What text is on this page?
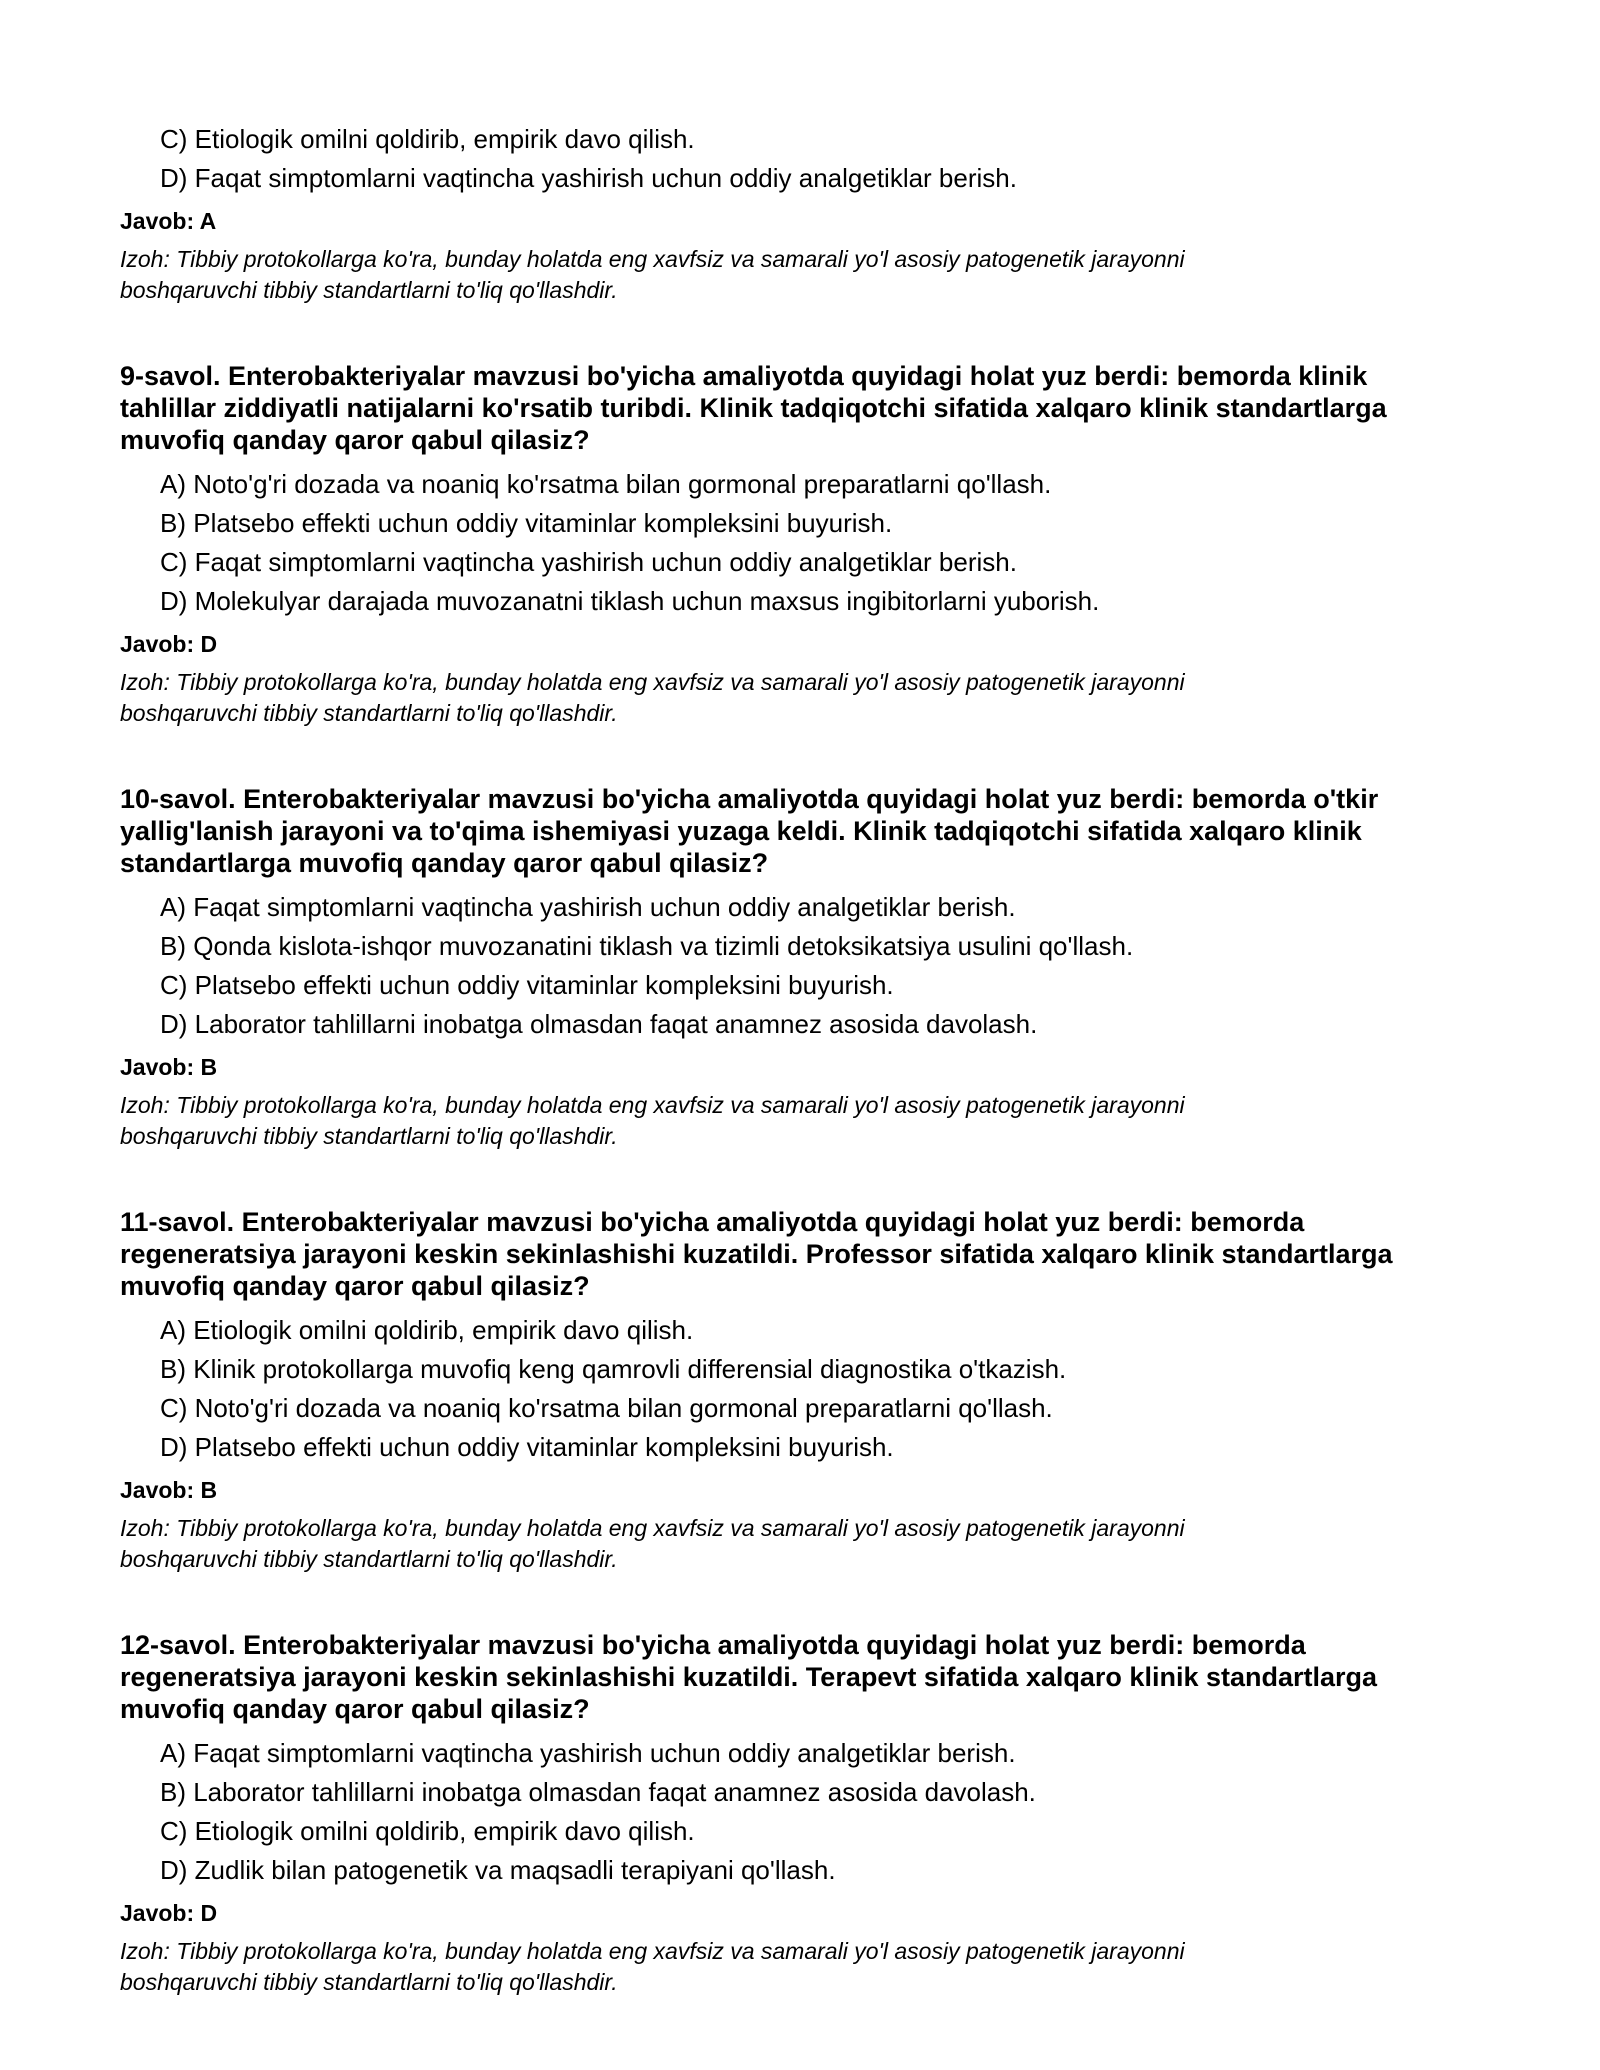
C) Etiologik omilni qoldirib, empirik davo qilish.
D) Faqat simptomlarni vaqtincha yashirish uchun oddiy analgetiklar berish.
Javob: A
Izoh: Tibbiy protokollarga ko'ra, bunday holatda eng xavfsiz va samarali yo'l asosiy patogenetik jarayonni
boshqaruvchi tibbiy standartlarni to'liq qo'llashdir.
9-savol. Enterobakteriyalar mavzusi bo'yicha amaliyotda quyidagi holat yuz berdi: bemorda klinik
tahlillar ziddiyatli natijalarni ko'rsatib turibdi. Klinik tadqiqotchi sifatida xalqaro klinik standartlarga
muvofiq qanday qaror qabul qilasiz?
A) Noto'g'ri dozada va noaniq ko'rsatma bilan gormonal preparatlarni qo'llash.
B) Platsebo effekti uchun oddiy vitaminlar kompleksini buyurish.
C) Faqat simptomlarni vaqtincha yashirish uchun oddiy analgetiklar berish.
D) Molekulyar darajada muvozanatni tiklash uchun maxsus ingibitorlarni yuborish.
Javob: D
Izoh: Tibbiy protokollarga ko'ra, bunday holatda eng xavfsiz va samarali yo'l asosiy patogenetik jarayonni
boshqaruvchi tibbiy standartlarni to'liq qo'llashdir.
10-savol. Enterobakteriyalar mavzusi bo'yicha amaliyotda quyidagi holat yuz berdi: bemorda o'tkir
yallig'lanish jarayoni va to'qima ishemiyasi yuzaga keldi. Klinik tadqiqotchi sifatida xalqaro klinik
standartlarga muvofiq qanday qaror qabul qilasiz?
A) Faqat simptomlarni vaqtincha yashirish uchun oddiy analgetiklar berish.
B) Qonda kislota-ishqor muvozanatini tiklash va tizimli detoksikatsiya usulini qo'llash.
C) Platsebo effekti uchun oddiy vitaminlar kompleksini buyurish.
D) Laborator tahlillarni inobatga olmasdan faqat anamnez asosida davolash.
Javob: B
Izoh: Tibbiy protokollarga ko'ra, bunday holatda eng xavfsiz va samarali yo'l asosiy patogenetik jarayonni
boshqaruvchi tibbiy standartlarni to'liq qo'llashdir.
11-savol. Enterobakteriyalar mavzusi bo'yicha amaliyotda quyidagi holat yuz berdi: bemorda
regeneratsiya jarayoni keskin sekinlashishi kuzatildi. Professor sifatida xalqaro klinik standartlarga
muvofiq qanday qaror qabul qilasiz?
A) Etiologik omilni qoldirib, empirik davo qilish.
B) Klinik protokollarga muvofiq keng qamrovli differensial diagnostika o'tkazish.
C) Noto'g'ri dozada va noaniq ko'rsatma bilan gormonal preparatlarni qo'llash.
D) Platsebo effekti uchun oddiy vitaminlar kompleksini buyurish.
Javob: B
Izoh: Tibbiy protokollarga ko'ra, bunday holatda eng xavfsiz va samarali yo'l asosiy patogenetik jarayonni
boshqaruvchi tibbiy standartlarni to'liq qo'llashdir.
12-savol. Enterobakteriyalar mavzusi bo'yicha amaliyotda quyidagi holat yuz berdi: bemorda
regeneratsiya jarayoni keskin sekinlashishi kuzatildi. Terapevt sifatida xalqaro klinik standartlarga
muvofiq qanday qaror qabul qilasiz?
A) Faqat simptomlarni vaqtincha yashirish uchun oddiy analgetiklar berish.
B) Laborator tahlillarni inobatga olmasdan faqat anamnez asosida davolash.
C) Etiologik omilni qoldirib, empirik davo qilish.
D) Zudlik bilan patogenetik va maqsadli terapiyani qo'llash.
Javob: D
Izoh: Tibbiy protokollarga ko'ra, bunday holatda eng xavfsiz va samarali yo'l asosiy patogenetik jarayonni
boshqaruvchi tibbiy standartlarni to'liq qo'llashdir.
